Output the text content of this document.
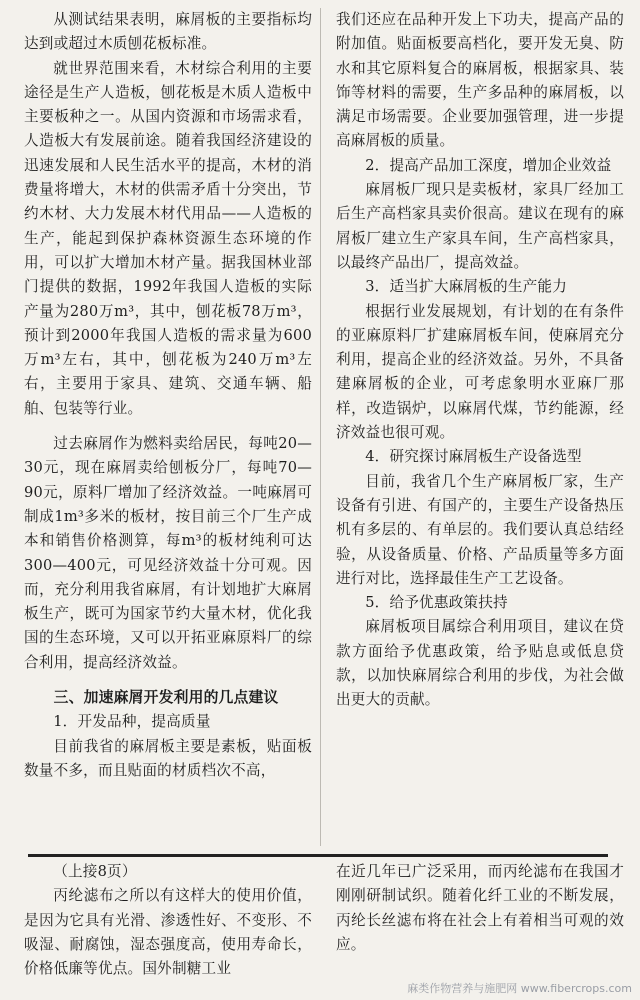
从测试结果表明，麻屑板的主要指标均达到或超过木质刨花板标准。

就世界范围来看，木材综合利用的主要途径是生产人造板，刨花板是木质人造板中主要板种之一。从国内资源和市场需求看，人造板大有发展前途。随着我国经济建设的迅速发展和人民生活水平的提高，木材的消费量将增大，木材的供需矛盾十分突出，节约木材、大力发展木材代用品——人造板的生产，能起到保护森林资源生态环境的作用，可以扩大增加木材产量。据我国林业部门提供的数据，1992年我国人造板的实际产量为280万m³，其中，刨花板78万m³，预计到2000年我国人造板的需求量为600万m³左右，其中，刨花板为240万m³左右，主要用于家具、建筑、交通车辆、船舶、包装等行业。

过去麻屑作为燃料卖给居民，每吨20—30元，现在麻屑卖给刨板分厂，每吨70—90元，原料厂增加了经济效益。一吨麻屑可制成1m³多米的板材，按目前三个厂生产成本和销售价格测算，每m³的板材纯利可达300—400元，可见经济效益十分可观。因而，充分利用我省麻屑，有计划地扩大麻屑板生产，既可为国家节约大量木材，优化我国的生态环境，又可以开拓亚麻原料厂的综合利用，提高经济效益。

三、加速麻屑开发利用的几点建议

1．开发品种，提高质量

目前我省的麻屑板主要是素板，贴面板数量不多，而且贴面的材质档次不高，

我们还应在品种开发上下功夫，提高产品的附加值。贴面板要高档化，要开发无臭、防水和其它原料复合的麻屑板，根据家具、装饰等材料的需要，生产多品种的麻屑板，以满足市场需要。企业要加强管理，进一步提高麻屑板的质量。

2．提高产品加工深度，增加企业效益

麻屑板厂现只是卖板材，家具厂经加工后生产高档家具卖价很高。建议在现有的麻屑板厂建立生产家具车间，生产高档家具，以最终产品出厂，提高效益。

3．适当扩大麻屑板的生产能力

根据行业发展规划，有计划的在有条件的亚麻原料厂扩建麻屑板车间，使麻屑充分利用，提高企业的经济效益。另外，不具备建麻屑板的企业，可考虑象明水亚麻厂那样，改造锅炉，以麻屑代煤，节约能源，经济效益也很可观。

4．研究探讨麻屑板生产设备选型

目前，我省几个生产麻屑板厂家，生产设备有引进、有国产的，主要生产设备热压机有多层的、有单层的。我们要认真总结经验，从设备质量、价格、产品质量等多方面进行对比，选择最佳生产工艺设备。

5．给予优惠政策扶持

麻屑板项目属综合利用项目，建议在贷款方面给予优惠政策，给予贴息或低息贷款，以加快麻屑综合利用的步伐，为社会做出更大的贡献。

（上接8页）

丙纶滤布之所以有这样大的使用价值，是因为它具有光滑、渗透性好、不变形、不吸湿、耐腐蚀，湿态强度高，使用寿命长，价格低廉等优点。国外制糖工业

在近几年已广泛采用，而丙纶滤布在我国才刚刚研制试织。随着化纤工业的不断发展，丙纶长丝滤布将在社会上有着相当可观的效应。

麻类作物营养与施肥网 www.fibercrops.com
